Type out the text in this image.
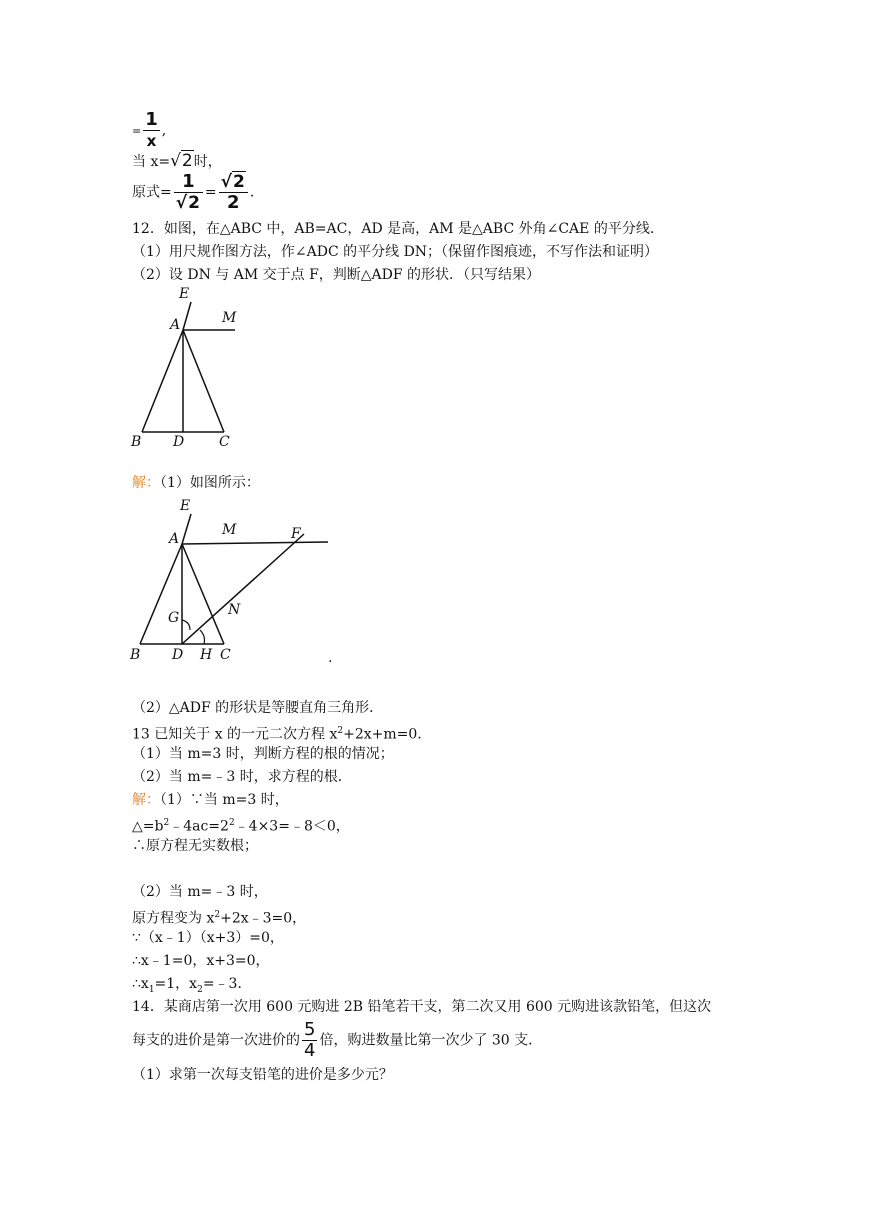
= $\frac{1}{x}$ ,
当 x=√2时，
原式= $\frac{1}{√2} = \frac{√2}{2}$ .
12．如图，在△ABC 中，AB=AC，AD 是高，AM 是△ABC 外角∠CAE 的平分线．
（1）用尺规作图方法，作∠ADC 的平分线 DN；（保留作图痕迹，不写作法和证明）
（2）设 DN 与 AM 交于点 F，判断△ADF 的形状．（只写结果）
E
A	M
B D C
解：（1）如图所示：
E
A
M	F
G	N
B D H C	.
（2）△ADF 的形状是等腰直角三角形．
13 已知关于 x 的一元二次方程 $x^2+2x+m=0$．
（1）当 m=3 时，判断方程的根的情况；
（2）当 m=﹣3 时，求方程的根．
解：（1）∵当 m=3 时，
$\triangle=b^2﹣4ac=2^2﹣4\times 3=﹣8<0$，
∴原方程无实数根；
（2）当 m=﹣3 时，
原方程变为 $x^2+2x﹣3=0$，
∵（x﹣1）（x+3）=0，
∴x﹣1=0，x+3=0，
$\therefore x_1=1$，$x_2=﹣3$．
14．某商店第一次用 600 元购进 2B 铅笔若干支，第二次又用 600 元购进该款铅笔，但这次
每支的进价是第一次进价的 $\frac{5}{4}$ 倍，购进数量比第一次少了 30 支．
（1）求第一次每支铅笔的进价是多少元？
